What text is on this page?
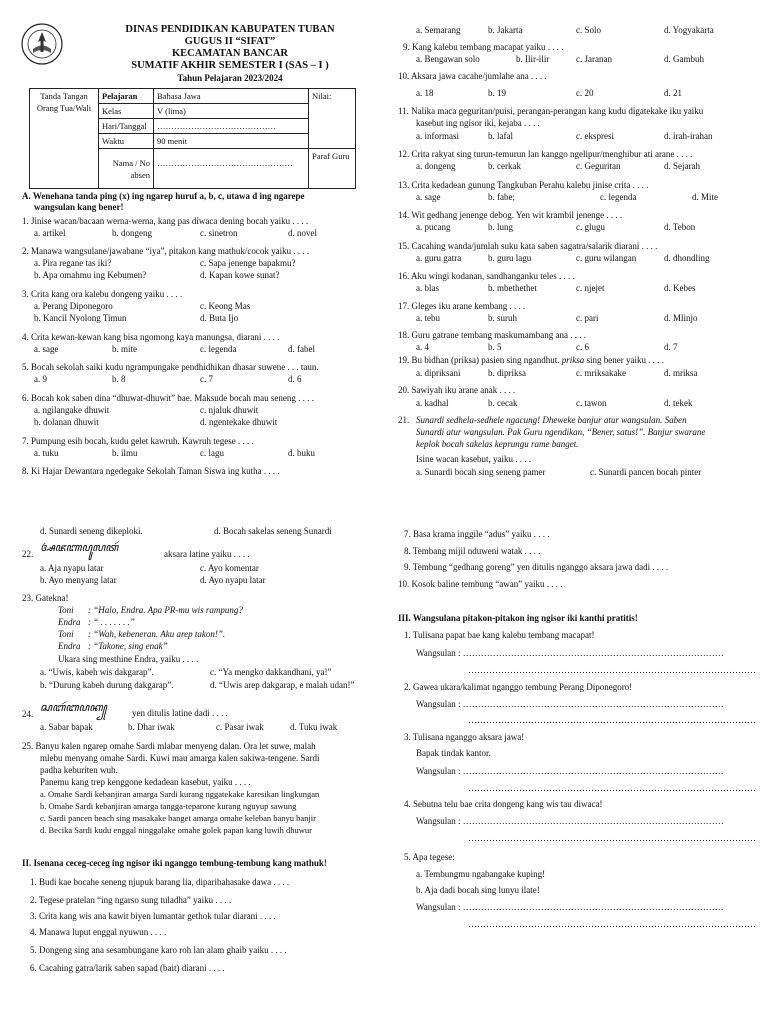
DINAS PENDIDIKAN KABUPATEN TUBAN
GUGUS II “SIFAT”
KECAMATAN BANCAR
SUMATIF AKHIR SEMESTER I (SAS – I )
Tahun Pelajaran 2023/2024
Tanda Tangan Orang Tua/Wali	Pelajaran	Bahasa Jawa	Nilai:
	Kelas	V (lima)	
	Hari/Tanggal	……………………………………	
	Waktu	90 menit	
	Nama / No absen	…………………………………………	Paraf Guru
A. Wenehana tanda ping (x) ing ngarep huruf a, b, c, utawa d ing ngarepe
wangsulan kang bener!
1. Jinise wacan/bacaan werna-werna, kang pas diwaca dening bocah yaiku . . . .
a. artikel	b. dongeng	c. sinetron	d. novel
2. Manawa wangsulane/jawabane “iya”, pitakon kang mathuk/cocok yaiku . . . .
a. Pira regane tas iki?	c. Sapa jenenge bapakmu?
b. Apa omahmu ing Kebumen?	d. Kapan kowe sunat?
3. Crita kang ora kalebu dongeng yaiku . . . .
a. Perang Diponegoro	c. Keong Mas
b. Kancil Nyolong Timun	d. Buta Ijo
4. Crita kewan-kewan kang bisa ngomong kaya manungsa, diarani . . . .
a. sage	b. mite	c. legenda	d. fabel
5. Bocah sekolah saiki kudu ngrampungake pendhidhikan dhasar suwene . . . taun.
a. 9	b. 8	c. 7	d. 6
6. Bocah kok saben dina “dhuwat-dhuwit” bae. Maksude bocah mau seneng . . . .
a. ngilangake dhuwit	c. njaluk dhuwit
b. dolanan dhuwit	d. ngentekake dhuwit
7. Pumpung esih bocah, kudu gelet kawruh. Kawruh tegese . . . .
a. tuku	b. ilmu	c. lagu	d. buku
8. Ki Hajar Dewantara ngedegake Sekolah Taman Siswa ing kutha . . . .
a. Semarang	b. Jakarta	c. Solo	d. Yogyakarta
9. Kang kalebu tembang macapat yaiku . . . .
a. Bengawan solo	b. Ilir-ilir	c. Jaranan	d. Gambuh
10. Aksara jawa cacahe/jumlahe ana . . . .
a. 18	b. 19	c. 20	d. 21
11. Nalika maca geguritan/puisi, perangan-perangan kang kudu digatekake iku yaiku
kasebut ing ngisor iki, kejaba . . . .
a. informasi	b. lafal	c. ekspresi	d. irah-irahan
12. Crita rakyat sing turun-temurun lan kanggo ngelipur/menghibur ati arane . . . .
a. dongeng	b. cerkak	c. Geguritan	d. Sejarah
13. Crita kedadean gunung Tangkuban Perahu kalebu jinise crita . . . .
a. sage	b. fabe;	c. legenda	d. Mite
14. Wit gedhang jenenge debog. Yen wit krambil jenenge . . . .
a. pucang	b. lung	c. glugu	d. Tebon
15. Cacahing wanda/jumlah suku kata saben sagatra/salarik diarani . . . .
a. guru gatra	b. guru lagu	c. guru wilangan	d. dhondling
16. Aku wingi kodanan, sandhanganku teles . . . .
a. blas	b. mbethethet	c. njejet	d. Kebes
17. Gleges iku arane kembang . . . .
a. tebu	b. suruh	c. pari	d. Mlinjo
18. Guru gatrane tembang maskumambang ana . . . .
a. 4	b. 5	c. 6	d. 7
19. Bu bidhan (priksa) pasien sing ngandhut. priksa sing bener yaiku . . . .
a. dipriksani	b. dipriksa	c. mriksakake	d. mriksa
20. Sawiyah iku arane anak . . . .
a. kadhal	b. cecak	c. tawon	d. tekek
21. Sunardi sedhela-sedhele ngacung! Dheweke banjur atur wangsulan. Saben
Sunardi atur wangsulan. Pak Guru ngendikan, “Bener, satus!”. Banjur swarane
keplok bocah sakelas keprungu rame banget.
Isine wacan kasebut, yaiku . . . .
a. Sunardi bocah sing seneng pamer	c. Sunardi pancen bocah pinter
d. Sunardi seneng dikeploki.	d. Bocah sakelas seneng Sunardi
22. ꦄꦗꦚꦥꦸꦭꦠꦂ	aksara latine yaiku . . . .
a. Aja nyapu latar	c. Ayo komentar
b. Ayo menyang latar	d. Ayo nyapu latar
23. Gatekna!
Toni : “Halo, Endra. Apa PR-mu wis rampung?
Endra : “ . . . . . . .”
Toni : “Wah, kebeneran. Aku arep takon!”.
Endra : “Takone, sing enak”
Ukara sing mesthine Endra, yaiku . . . .
a. “Uwis, kabeh wis dakgarap”.	c. “Ya mengko dakkandhani, ya!”
b. “Durung kabeh durung dakgarap”.	d. “Uwis arep dakgarap, e malah udan!”
24. ꦱꦧꦂꦧꦥꦏ꧀	yen ditulis latine dadi . . . .
a. Sabar bapak	b. Dhar iwak	c. Pasar iwak	d. Tuku iwak
25. Banyu kalen ngarep omahe Sardi mlabar menyeng dalan. Ora let suwe, malah
mlebu menyang omahe Sardi. Kuwi mau amarga kalen sakiwa-tengene. Sardi
padha keburiten wuh.
Panemu kang trep kenggone kedadean kasebut, yaiku . . . .
a. Omahe Sardi kebanjiran amarga Sardi kurang nggatekake karesikan lingkungan
b. Omahe Sardi kebanjiran amarga tangga-teparone kurang nguyup sawung
c. Sardi pancen beach sing masakake banget amarga omahe keleban banyu banjir
d. Becika Sardi kudu enggal ninggalake omahe golek papan kang luwih dhuwur
II. Isenana ceceg-ceceg ing ngisor iki nganggo tembung-tembung kang mathuk!
1. Budi kae bocahe seneng njupuk barang lia, diparibahasake dawa . . . .
2. Tegese pratelan “ing ngarso sung tuladha” yaiku . . . .
3. Crita kang wis ana kawit biyen lumantar gethok tular diarani . . . .
4. Manawa luput enggal nyuwun . . . .
5. Dongeng sing ana sesambungane karo roh lan alam ghaib yaiku . . . .
6. Cacahing gatra/larik saben sapad (bait) diarani . . . .
7. Basa krama inggile “adus” yaiku . . . .
8. Tembang mijil nduweni watak . . . .
9. Tembung “gedhang goreng” yen ditulis nganggo aksara jawa dadi . . . .
10. Kosok baline tembung “awan” yaiku . . . .
III. Wangsulana pitakon-pitakon ing ngisor iki kanthi pratitis!
1. Tulisana papat bae kang kalebu tembang macapat!
Wangsulan : ……………………………………………………………………………
……………………………………………………………………………………
2. Gawea ukara/kalimat nganggo tembung Perang Diponegoro!
Wangsulan : ……………………………………………………………………………
……………………………………………………………………………………
3. Tulisana nganggo aksara jawa!
Bapak tindak kantor.
Wangsulan : ……………………………………………………………………………
……………………………………………………………………………………
4. Sebutna telu bae crita dongeng kang wis tau diwaca!
Wangsulan : ……………………………………………………………………………
……………………………………………………………………………………
5. Apa tegese:
a. Tembungmu ngabangake kuping!
b. Aja dadi bocah sing lunyu ilate!
Wangsulan : ……………………………………………………………………………
……………………………………………………………………………………
